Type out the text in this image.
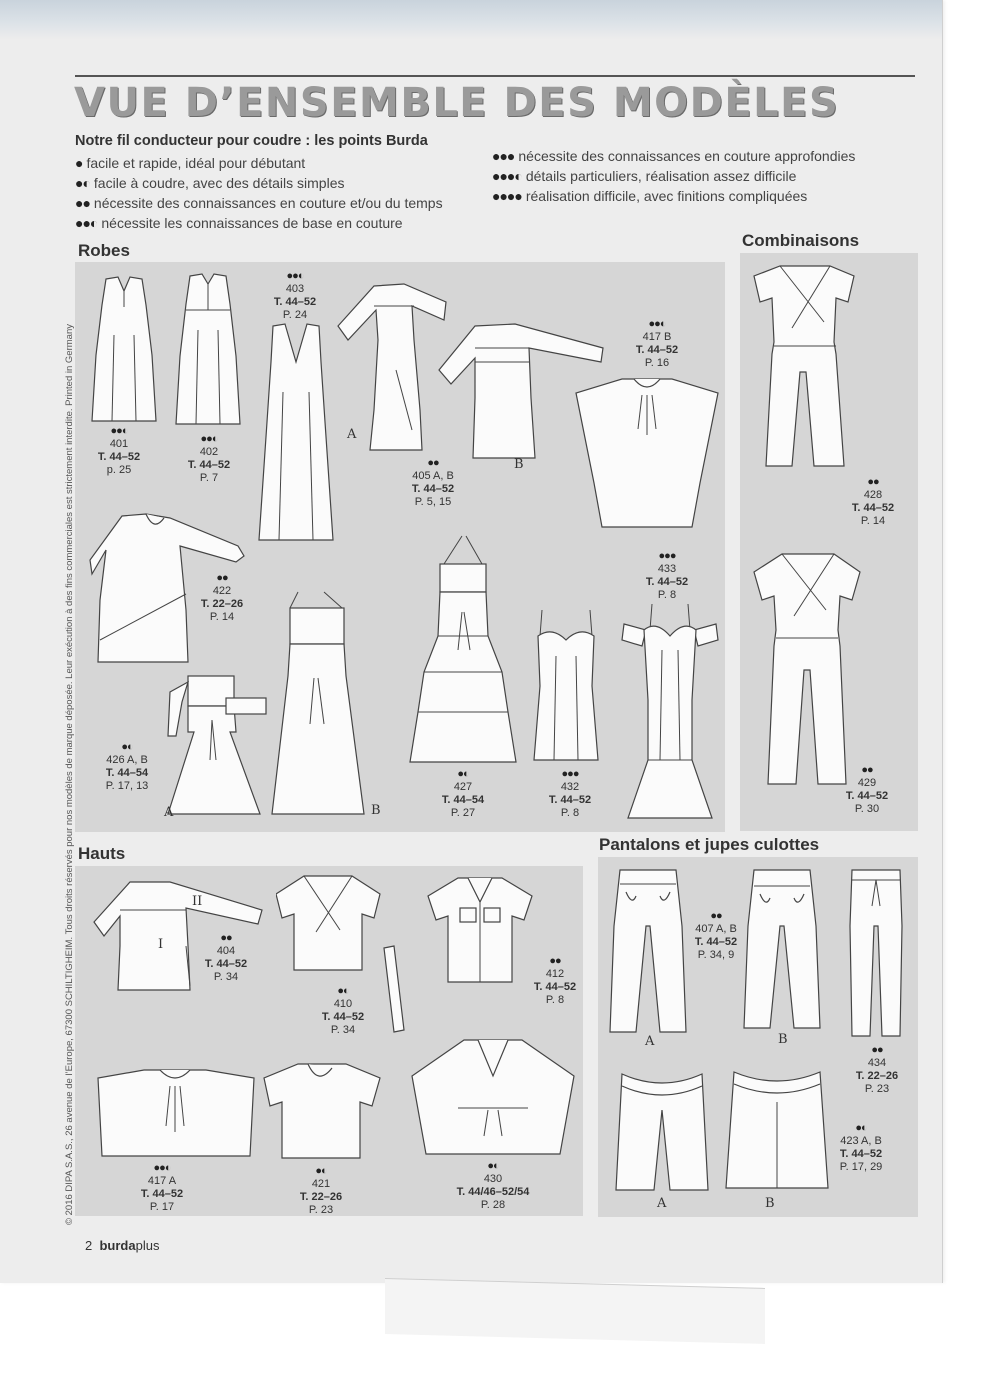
VUE D’ENSEMBLE DES MODÈLES
Notre fil conducteur pour coudre : les points Burda
● facile et rapide, idéal pour débutant
●◐ facile à coudre, avec des détails simples
●● nécessite des connaissances en couture et/ou du temps
●●◐ nécessite les connaissances de base en couture
●●● nécessite des connaissances en couture approfondies
●●●◐ détails particuliers, réalisation assez difficile
●●●● réalisation difficile, avec finitions compliquées
© 2016 DIPA S.A.S., 26 avenue de l’Europe, 67300 SCHILTIGHEIM. Tous droits réservés pour nos modèles de marque déposée. Leur exécution à des fins commerciales est strictement interdite. Printed in Germany
Robes
Combinaisons
Hauts	Pantalons et jupes culottes
●●◐
401
T. 44–52
p. 25
●●◐
402
T. 44–52
P. 7
●●◐
403
T. 44–52
P. 24
●●
405 A, B
T. 44–52
P. 5, 15
●●◐
417 B
T. 44–52
P. 16
A
B
●●
422
T. 22–26
P. 14
●◐
426 A, B
T. 44–54
P. 17, 13
A	B
●◐
427
T. 44–54
P. 27
●●●
432
T. 44–52
P. 8
●●●
433
T. 44–52
P. 8
●●
428
T. 44–52
P. 14
●●
429
T. 44–52
P. 30
I
II
●●
404
T. 44–52
P. 34
●◐
410
T. 44–52
P. 34
●●
412
T. 44–52
P. 8
●●◐
417 A
T. 44–52
P. 17
●◐
421
T. 22–26
P. 23
●◐
430
T. 44/46–52/54
P. 28
●●
407 A, B
T. 44–52
P. 34, 9
A	B
●●
434
T. 22–26
P. 23
A	B
●◐
423 A, B
T. 44–52
P. 17, 29
2 burdaplus
